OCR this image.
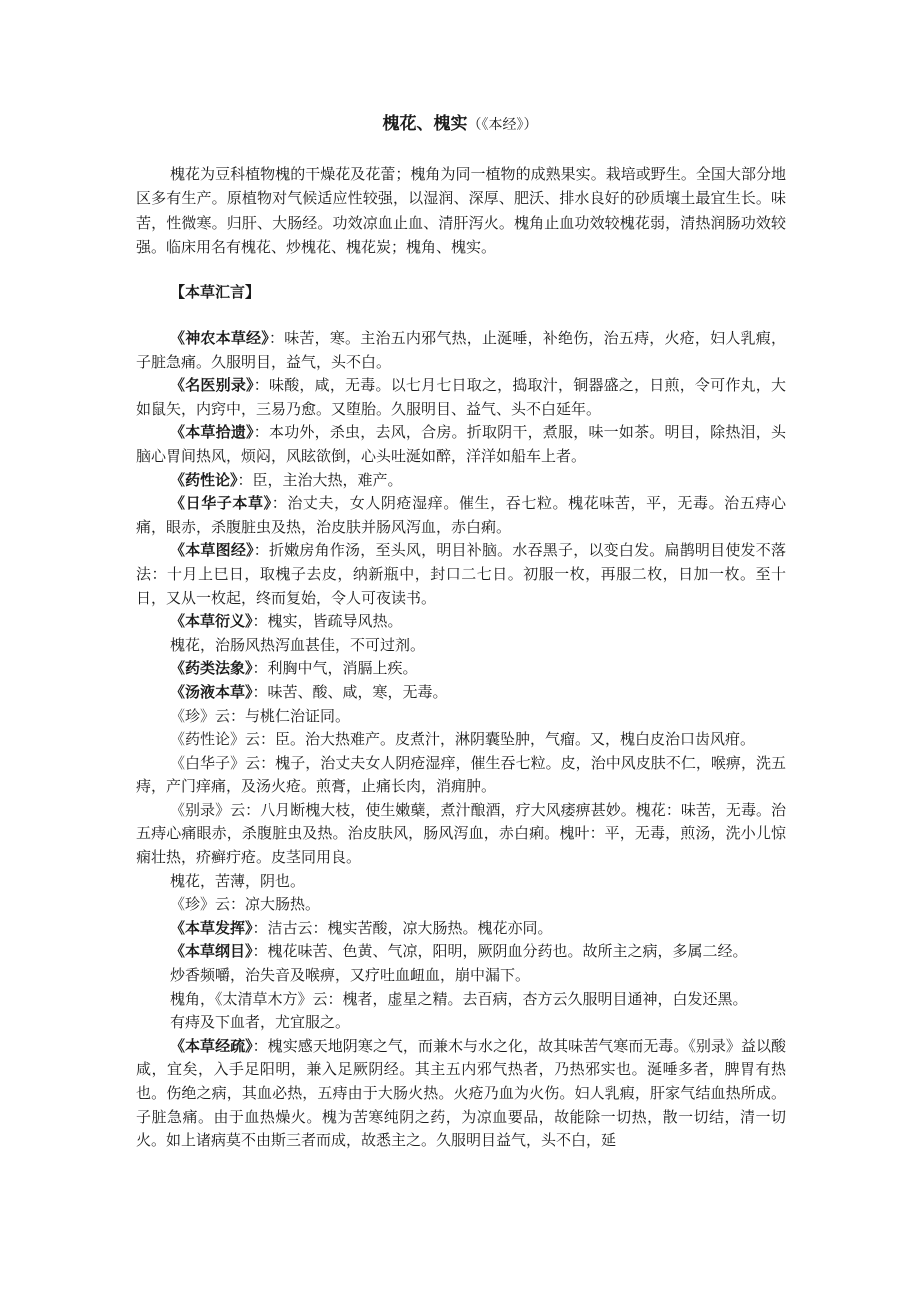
槐花、槐实（《本经》）

槐花为豆科植物槐的干燥花及花蕾；槐角为同一植物的成熟果实。栽培或野生。全国大部分地区多有生产。原植物对气候适应性较强，以湿润、深厚、肥沃、排水良好的砂质壤土最宜生长。味苦，性微寒。归肝、大肠经。功效凉血止血、清肝泻火。槐角止血功效较槐花弱，清热润肠功效较强。临床用名有槐花、炒槐花、槐花炭；槐角、槐实。

【本草汇言】

《神农本草经》：味苦，寒。主治五内邪气热，止涎唾，补绝伤，治五痔，火疮，妇人乳瘕，子脏急痛。久服明目，益气，头不白。

《名医别录》：味酸，咸，无毒。以七月七日取之，捣取汁，铜器盛之，日煎，令可作丸，大如鼠矢，内窍中，三易乃愈。又堕胎。久服明目、益气、头不白延年。

《本草拾遗》：本功外，杀虫，去风，合房。折取阴干，煮服，味一如茶。明目，除热泪，头脑心胃间热风，烦闷，风眩欲倒，心头吐涎如醉，洋洋如船车上者。

《药性论》：臣，主治大热，难产。

《日华子本草》：治丈夫，女人阴疮湿痒。催生，吞七粒。槐花味苦，平，无毒。治五痔心痛，眼赤，杀腹脏虫及热，治皮肤并肠风泻血，赤白痢。

《本草图经》：折嫩房角作汤，至头风，明目补脑。水吞黑子，以变白发。扁鹊明目使发不落法：十月上巳日，取槐子去皮，纳新瓶中，封口二七日。初服一枚，再服二枚，日加一枚。至十日，又从一枚起，终而复始，令人可夜读书。

《本草衍义》：槐实，皆疏导风热。

槐花，治肠风热泻血甚佳，不可过剂。

《药类法象》：利胸中气，消膈上疾。

《汤液本草》：味苦、酸、咸，寒，无毒。

《珍》云：与桃仁治证同。

《药性论》云：臣。治大热难产。皮煮汁，淋阴囊坠肿，气瘤。又，槐白皮治口齿风疳。

《白华子》云：槐子，治丈夫女人阴疮湿痒，催生吞七粒。皮，治中风皮肤不仁，喉痹，洗五痔，产门痒痛，及汤火疮。煎膏，止痛长肉，消痈肿。

《别录》云：八月断槐大枝，使生嫩蘖，煮汁酿酒，疗大风痿痹甚妙。槐花：味苦，无毒。治五痔心痛眼赤，杀腹脏虫及热。治皮肤风，肠风泻血，赤白痢。槐叶：平，无毒，煎汤，洗小儿惊痫壮热，疥癣疔疮。皮茎同用良。

槐花，苦薄，阴也。

《珍》云：凉大肠热。

《本草发挥》：洁古云：槐实苦酸，凉大肠热。槐花亦同。

《本草纲目》：槐花味苦、色黄、气凉，阳明，厥阴血分药也。故所主之病，多属二经。

炒香频嚼，治失音及喉痹，又疗吐血衄血，崩中漏下。

槐角，《太清草木方》云：槐者，虚星之精。去百病，杏方云久服明目通神，白发还黑。

有痔及下血者，尤宜服之。

《本草经疏》：槐实感天地阴寒之气，而兼木与水之化，故其味苦气寒而无毒。《别录》益以酸咸，宜矣，入手足阳明，兼入足厥阴经。其主五内邪气热者，乃热邪实也。涎唾多者，脾胃有热也。伤绝之病，其血必热，五痔由于大肠火热。火疮乃血为火伤。妇人乳瘕，肝家气结血热所成。子脏急痛。由于血热燥火。槐为苦寒纯阴之药，为凉血要品，故能除一切热，散一切结，清一切火。如上诸病莫不由斯三者而成，故悉主之。久服明目益气，头不白，延
